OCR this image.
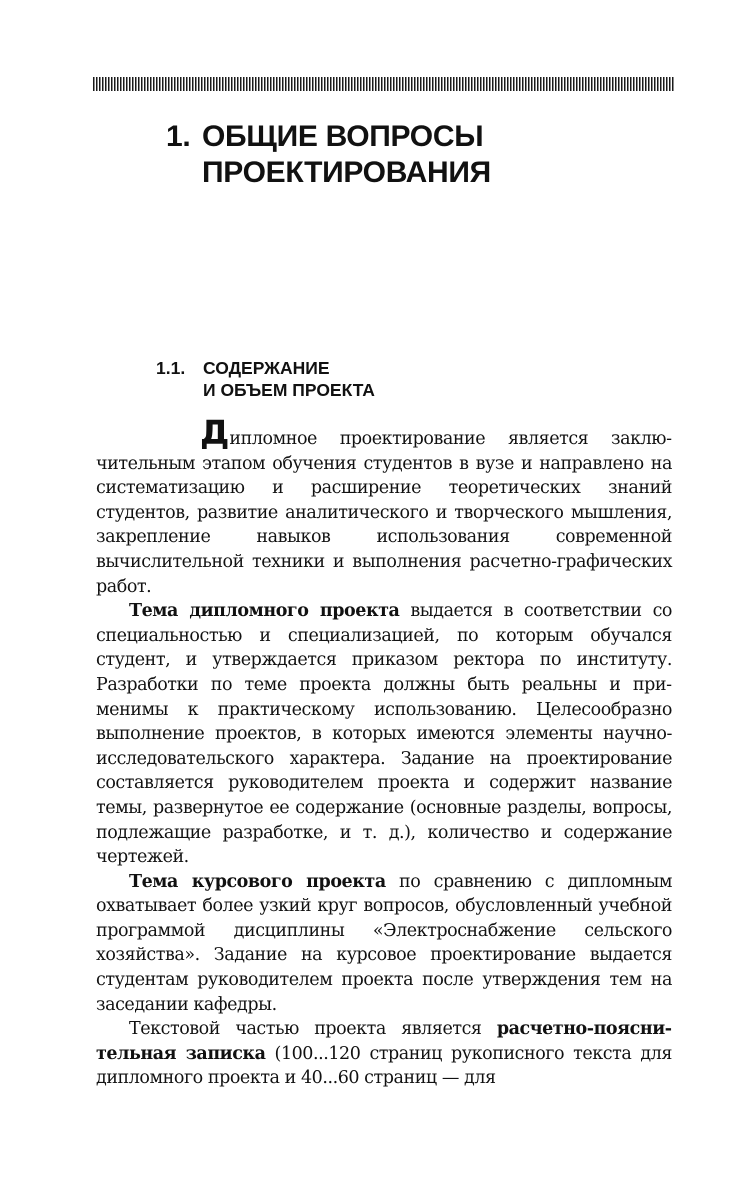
1. ОБЩИЕ ВОПРОСЫ
ПРОЕКТИРОВАНИЯ
1.1. СОДЕРЖАНИЕ
И ОБЪЕМ ПРОЕКТА

Дипломное проектирование является заключительным этапом обучения студентов в вузе и направлено на систематизацию и расширение теоретических знаний студентов, развитие аналитического и творческого мышления, закрепление навыков использования современной вычислительной техники и выполнения расчетно-графических работ.

Тема дипломного проекта выдается в соответствии со специальностью и специализацией, по которым обучался студент, и утверждается приказом ректора по институту. Разработки по теме проекта должны быть реальны и применимы к практическому использованию. Целесообразно выполнение проектов, в которых имеются элементы научно-исследовательского характера. Задание на проектирование составляется руководителем проекта и содержит название темы, развернутое ее содержание (основные разделы, вопросы, подлежащие разработке, и т. д.), количество и содержание чертежей.

Тема курсового проекта по сравнению с дипломным охватывает более узкий круг вопросов, обусловленный учебной программой дисциплины «Электроснабжение сельского хозяйства». Задание на курсовое проектирование выдается студентам руководителем проекта после утверждения тем на заседании кафедры.

Текстовой частью проекта является расчетно-пояснительная записка (100...120 страниц рукописного текста для дипломного проекта и 40...60 страниц — для
